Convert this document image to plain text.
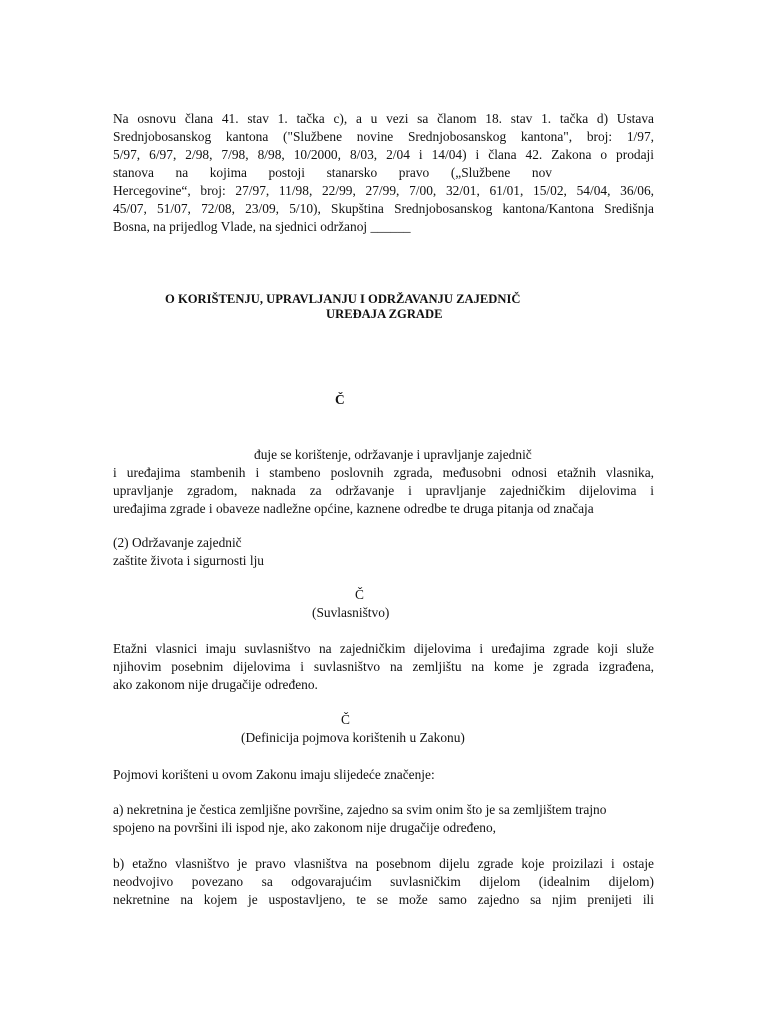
Na osnovu člana 41. stav 1. tačka c), a u vezi sa članom 18. stav 1. tačka d) Ustava
Srednjobosanskog kantona ("Službene novine Srednjobosanskog kantona", broj: 1/97,
5/97, 6/97, 2/98, 7/98, 8/98, 10/2000, 8/03, 2/04 i 14/04) i člana 42. Zakona o prodaji
stanova na kojima postoji stanarsko pravo („Službene nov
Hercegovine“, broj: 27/97, 11/98, 22/99, 27/99, 7/00, 32/01, 61/01, 15/02, 54/04, 36/06,
45/07, 51/07, 72/08, 23/09, 5/10), Skupština Srednjobosanskog kantona/Kantona Središnja
Bosna, na prijedlog Vlade, na sjednici održanoj ______
O KORIŠTENJU, UPRAVLJANJU I ODRŽAVANJU ZAJEDNIČ
UREĐAJA ZGRADE
Č
đuje se korištenje, održavanje i upravljanje zajednič
i uređajima stambenih i stambeno poslovnih zgrada, međusobni odnosi etažnih vlasnika,
upravljanje zgradom, naknada za održavanje i upravljanje zajedničkim dijelovima i
uređajima zgrade i obaveze nadležne općine, kaznene odredbe te druga pitanja od značaja
(2) Održavanje zajednič
zaštite života i sigurnosti lju
Č
(Suvlasništvo)
Etažni vlasnici imaju suvlasništvo na zajedničkim dijelovima i uređajima zgrade koji služe
njihovim posebnim dijelovima i suvlasništvo na zemljištu na kome je zgrada izgrađena,
ako zakonom nije drugačije određeno.
Č
(Definicija pojmova korištenih u Zakonu)
Pojmovi korišteni u ovom Zakonu imaju slijedeće značenje:
a) nekretnina je čestica zemljišne površine, zajedno sa svim onim što je sa zemljištem trajno
spojeno na površini ili ispod nje, ako zakonom nije drugačije određeno,
b) etažno vlasništvo je pravo vlasništva na posebnom dijelu zgrade koje proizilazi i ostaje
neodvojivo povezano sa odgovarajućim suvlasničkim dijelom (idealnim dijelom)
nekretnine na kojem je uspostavljeno, te se može samo zajedno sa njim prenijeti ili
